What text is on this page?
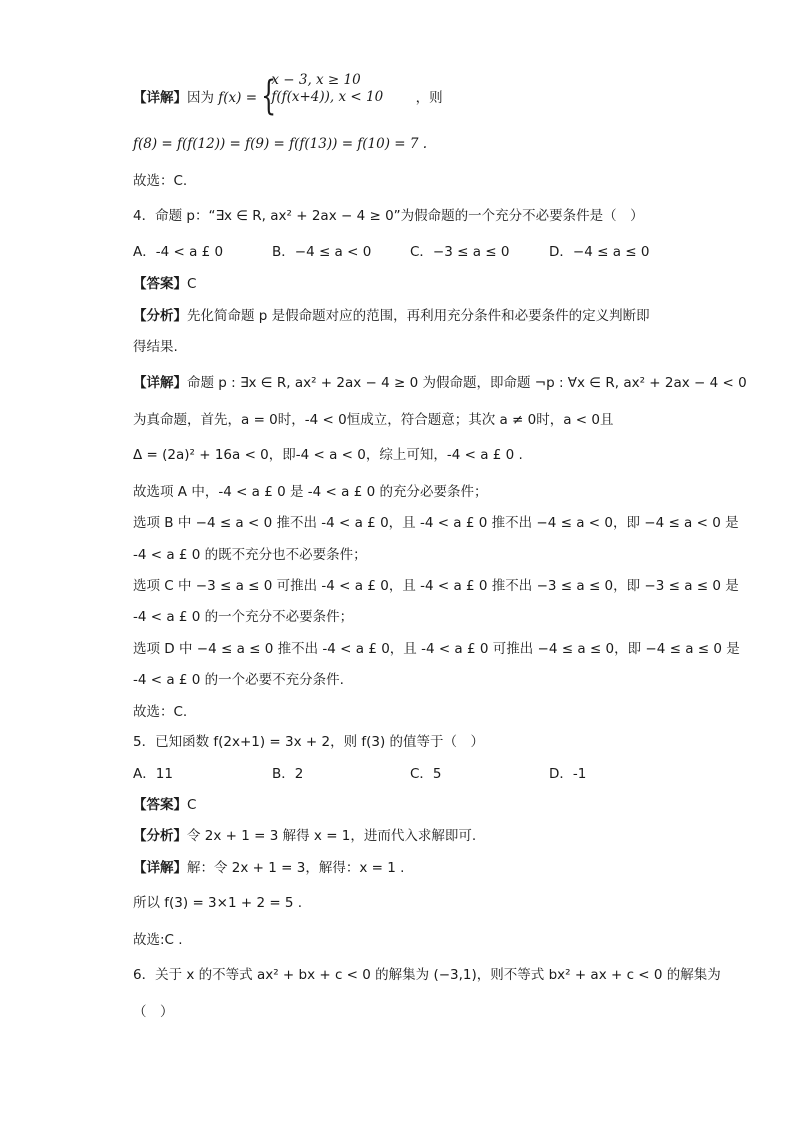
【详解】因为 f(x) = {
x − 3, x ≥ 10
f(f(x+4)), x < 10 ，则
f(8) = f(f(12)) = f(9) = f(f(13)) = f(10) = 7 .
故选：C.
4．命题 p：“∃x ∈ R, ax² + 2ax − 4 ≥ 0”为假命题的一个充分不必要条件是（　）
A．-4 < a £ 0	B．−4 ≤ a < 0	C．−3 ≤ a ≤ 0	D．−4 ≤ a ≤ 0
【答案】C
【分析】先化简命题 p 是假命题对应的范围，再利用充分条件和必要条件的定义判断即
得结果.
【详解】命题 p : ∃x ∈ R, ax² + 2ax − 4 ≥ 0 为假命题，即命题 ¬p : ∀x ∈ R, ax² + 2ax − 4 < 0
为真命题，首先，a = 0时，-4 < 0恒成立，符合题意；其次 a ≠ 0时，a < 0且
Δ = (2a)² + 16a < 0，即-4 < a < 0，综上可知，-4 < a £ 0 .
故选项 A 中，-4 < a £ 0 是 -4 < a £ 0 的充分必要条件；
选项 B 中 −4 ≤ a < 0 推不出 -4 < a £ 0，且 -4 < a £ 0 推不出 −4 ≤ a < 0，即 −4 ≤ a < 0 是
-4 < a £ 0 的既不充分也不必要条件；
选项 C 中 −3 ≤ a ≤ 0 可推出 -4 < a £ 0，且 -4 < a £ 0 推不出 −3 ≤ a ≤ 0，即 −3 ≤ a ≤ 0 是
-4 < a £ 0 的一个充分不必要条件；
选项 D 中 −4 ≤ a ≤ 0 推不出 -4 < a £ 0，且 -4 < a £ 0 可推出 −4 ≤ a ≤ 0，即 −4 ≤ a ≤ 0 是
-4 < a £ 0 的一个必要不充分条件.
故选：C.
5．已知函数 f(2x+1) = 3x + 2，则 f(3) 的值等于（　）
A．11	B．2	C．5	D．-1
【答案】C
【分析】令 2x + 1 = 3 解得 x = 1，进而代入求解即可.
【详解】解：令 2x + 1 = 3，解得：x = 1 .
所以 f(3) = 3×1 + 2 = 5 .
故选:C .
6．关于 x 的不等式 ax² + bx + c < 0 的解集为 (−3,1)，则不等式 bx² + ax + c < 0 的解集为
（　）
